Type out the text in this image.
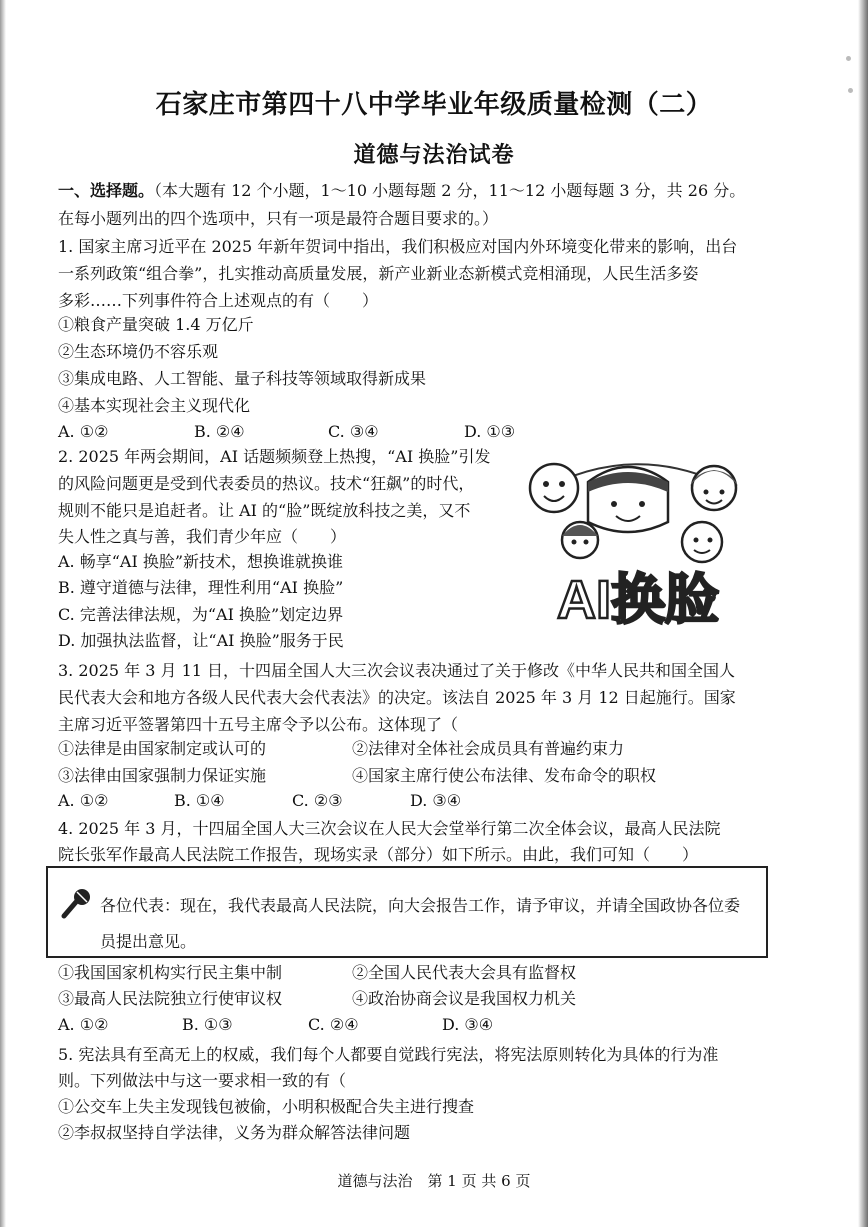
石家庄市第四十八中学毕业年级质量检测（二）
道德与法治试卷
一、选择题。（本大题有 12 个小题，1～10 小题每题 2 分，11～12 小题每题 3 分，共 26 分。
在每小题列出的四个选项中，只有一项是最符合题目要求的。）
1. 国家主席习近平在 2025 年新年贺词中指出，我们积极应对国内外环境变化带来的影响，出台
一系列政策“组合拳”，扎实推动高质量发展，新产业新业态新模式竞相涌现，人民生活多姿
多彩……下列事件符合上述观点的有（　　）
①粮食产量突破 1.4 万亿斤
②生态环境仍不容乐观
③集成电路、人工智能、量子科技等领域取得新成果
④基本实现社会主义现代化
A. ①②	B. ②④	C. ③④	D. ①③
2. 2025 年两会期间，AI 话题频频登上热搜，“AI 换脸”引发
的风险问题更是受到代表委员的热议。技术“狂飙”的时代，
规则不能只是追赶者。让 AI 的“脸”既绽放科技之美，又不
失人性之真与善，我们青少年应（　　）
A. 畅享“AI 换脸”新技术，想换谁就换谁
B. 遵守道德与法律，理性利用“AI 换脸”
C. 完善法律法规，为“AI 换脸”划定边界
D. 加强执法监督，让“AI 换脸”服务于民
AI换脸
3. 2025 年 3 月 11 日，十四届全国人大三次会议表决通过了关于修改《中华人民共和国全国人
民代表大会和地方各级人民代表大会代表法》的决定。该法自 2025 年 3 月 12 日起施行。国家
主席习近平签署第四十五号主席令予以公布。这体现了（
①法律是由国家制定或认可的	②法律对全体社会成员具有普遍约束力
③法律由国家强制力保证实施	④国家主席行使公布法律、发布命令的职权
A. ①②	B. ①④	C. ②③	D. ③④
4. 2025 年 3 月，十四届全国人大三次会议在人民大会堂举行第二次全体会议，最高人民法院
院长张军作最高人民法院工作报告，现场实录（部分）如下所示。由此，我们可知（　　）
各位代表：现在，我代表最高人民法院，向大会报告工作，请予审议，并请全国政协各位委员提出意见。
①我国国家机构实行民主集中制	②全国人民代表大会具有监督权
③最高人民法院独立行使审议权	④政治协商会议是我国权力机关
A. ①②	B. ①③	C. ②④	D. ③④
5. 宪法具有至高无上的权威，我们每个人都要自觉践行宪法，将宪法原则转化为具体的行为准
则。下列做法中与这一要求相一致的有（
①公交车上失主发现钱包被偷，小明积极配合失主进行搜查
②李叔叔坚持自学法律，义务为群众解答法律问题
道德与法治　第 1 页 共 6 页
